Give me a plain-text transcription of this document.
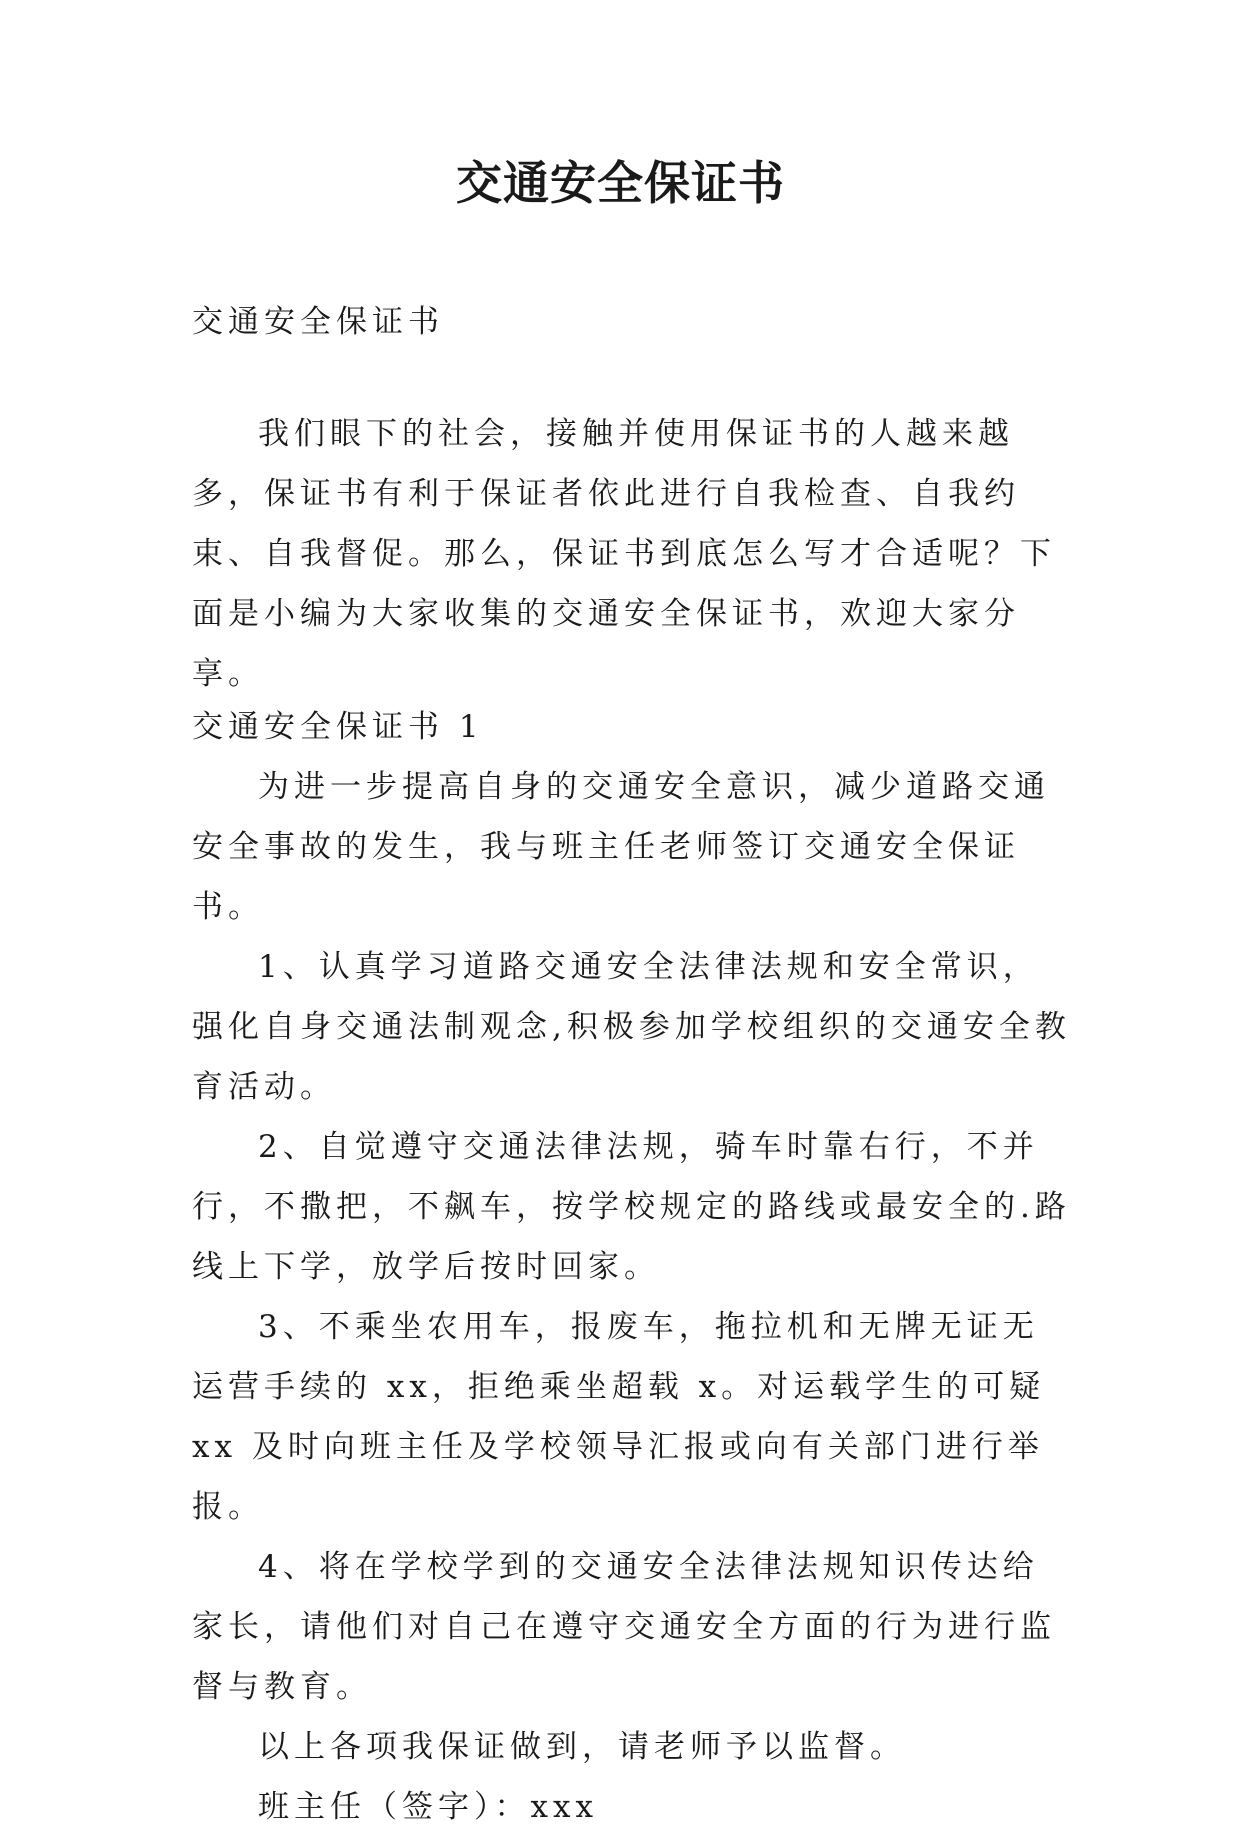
交通安全保证书
交通安全保证书

我们眼下的社会，接触并使用保证书的人越来越多，保证书有利于保证者依此进行自我检查、自我约束、自我督促。那么，保证书到底怎么写才合适呢？下面是小编为大家收集的交通安全保证书，欢迎大家分享。

交通安全保证书 1

为进一步提高自身的交通安全意识，减少道路交通安全事故的发生，我与班主任老师签订交通安全保证书。

1、认真学习道路交通安全法律法规和安全常识，强化自身交通法制观念,积极参加学校组织的交通安全教育活动。

2、自觉遵守交通法律法规，骑车时靠右行，不并行，不撒把，不飙车，按学校规定的路线或最安全的.路线上下学，放学后按时回家。

3、不乘坐农用车，报废车，拖拉机和无牌无证无运营手续的 xx，拒绝乘坐超载 x。对运载学生的可疑 xx 及时向班主任及学校领导汇报或向有关部门进行举报。

4、将在学校学到的交通安全法律法规知识传达给家长，请他们对自己在遵守交通安全方面的行为进行监督与教育。

以上各项我保证做到，请老师予以监督。

班主任（签字）：xxx
